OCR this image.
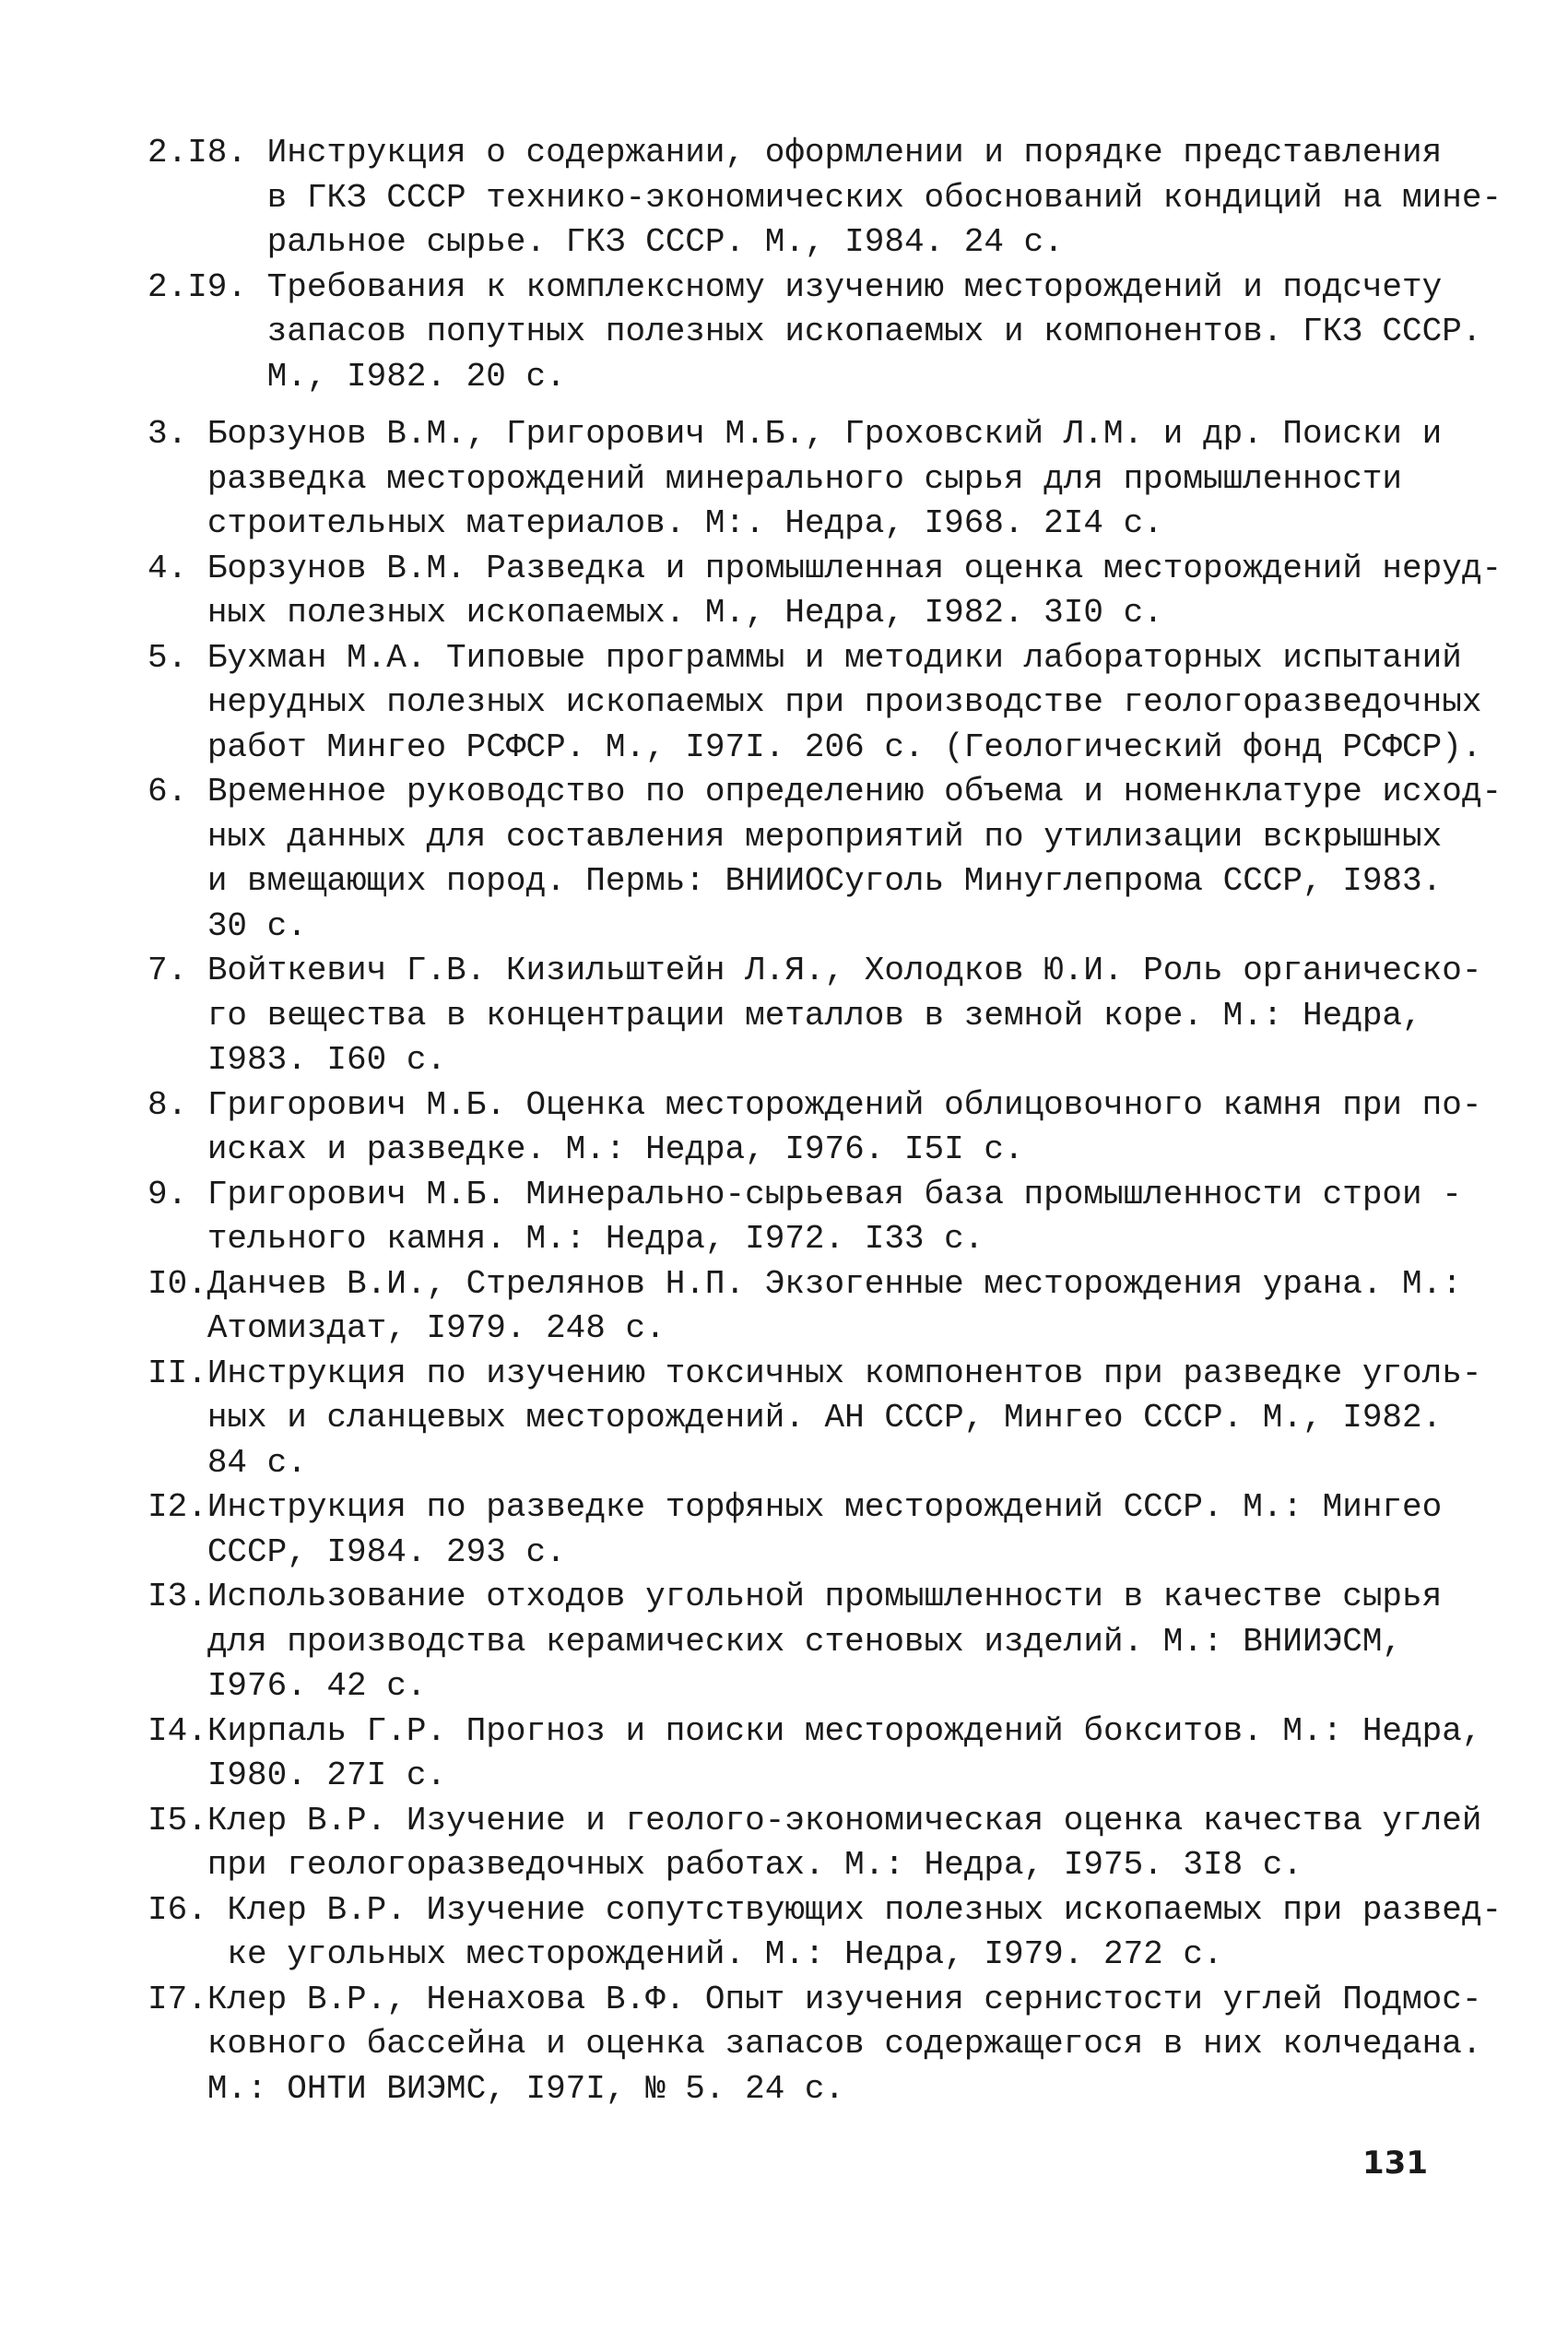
2.I8. Инструкция о содержании, оформлении и порядке представления
в ГКЗ СССР технико-экономических обоснований кондиций на мине-
ральное сырье. ГКЗ СССР. М., I984. 24 с.
2.I9. Требования к комплексному изучению месторождений и подсчету
запасов попутных полезных ископаемых и компонентов. ГКЗ СССР.
М., I982. 20 с.
3. Борзунов В.М., Григорович М.Б., Гроховский Л.М. и др. Поиски и
разведка месторождений минерального сырья для промышленности
строительных материалов. М:. Недра, I968. 2I4 с.
4. Борзунов В.М. Разведка и промышленная оценка месторождений неруд-
ных полезных ископаемых. М., Недра, I982. 3I0 с.
5. Бухман М.А. Типовые программы и методики лабораторных испытаний
нерудных полезных ископаемых при производстве геологоразведочных
работ Мингео РСФСР. М., I97I. 206 с. (Геологический фонд РСФСР).
6. Временное руководство по определению объема и номенклатуре исход-
ных данных для составления мероприятий по утилизации вскрышных
и вмещающих пород. Пермь: ВНИИОСуголь Минуглепрома СССР, I983.
30 с.
7. Войткевич Г.В. Кизильштейн Л.Я., Холодков Ю.И. Роль органическо-
го вещества в концентрации металлов в земной коре. М.: Недра,
I983. I60 с.
8. Григорович М.Б. Оценка месторождений облицовочного камня при по-
исках и разведке. М.: Недра, I976. I5I с.
9. Григорович М.Б. Минерально-сырьевая база промышленности строи -
тельного камня. М.: Недра, I972. I33 с.
I0. Данчев В.И., Стрелянов Н.П. Экзогенные месторождения урана. М.:
Атомиздат, I979. 248 с.
II. Инструкция по изучению токсичных компонентов при разведке уголь-
ных и сланцевых месторождений. АН СССР, Мингео СССР. М., I982.
84 с.
I2. Инструкция по разведке торфяных месторождений СССР. М.: Мингео
СССР, I984. 293 с.
I3. Использование отходов угольной промышленности в качестве сырья
для производства керамических стеновых изделий. М.: ВНИИЭСМ,
I976. 42 с.
I4. Кирпаль Г.Р. Прогноз и поиски месторождений бокситов. М.: Недра,
I980. 27I с.
I5. Клер В.Р. Изучение и геолого-экономическая оценка качества углей
при геологоразведочных работах. М.: Недра, I975. 3I8 с.
I6. Клер В.Р. Изучение сопутствующих полезных ископаемых при развед-
ке угольных месторождений. М.: Недра, I979. 272 с.
I7. Клер В.Р., Ненахова В.Ф. Опыт изучения сернистости углей Подмос-
ковного бассейна и оценка запасов содержащегося в них колчедана.
М.: ОНТИ ВИЭМС, I97I, № 5. 24 с.
131
